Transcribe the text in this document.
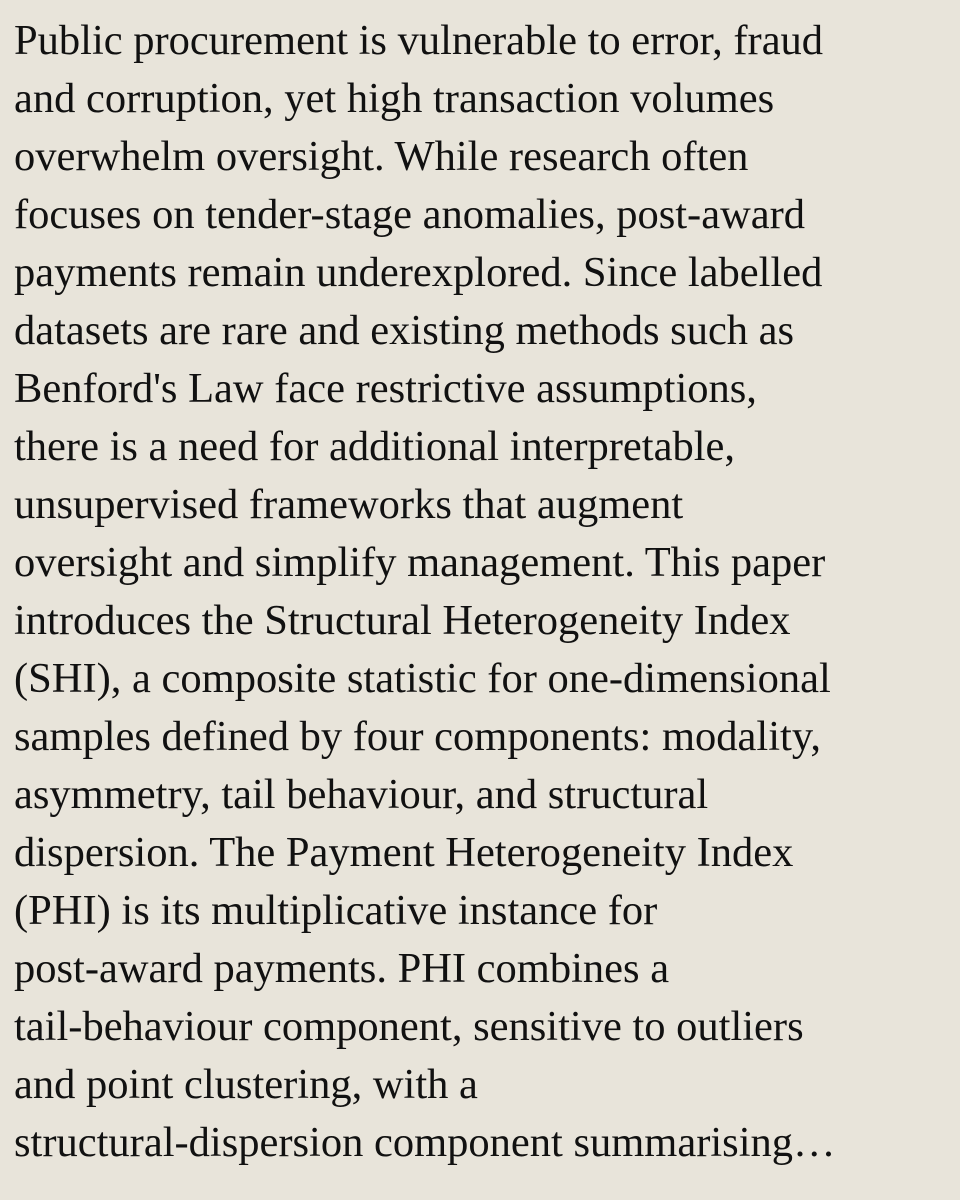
Public procurement is vulnerable to error, fraud
and corruption, yet high transaction volumes
overwhelm oversight. While research often
focuses on tender-stage anomalies, post-award
payments remain underexplored. Since labelled
datasets are rare and existing methods such as
Benford's Law face restrictive assumptions,
there is a need for additional interpretable,
unsupervised frameworks that augment
oversight and simplify management. This paper
introduces the Structural Heterogeneity Index
(SHI), a composite statistic for one-dimensional
samples defined by four components: modality,
asymmetry, tail behaviour, and structural
dispersion. The Payment Heterogeneity Index
(PHI) is its multiplicative instance for
post-award payments. PHI combines a
tail-behaviour component, sensitive to outliers
and point clustering, with a
structural-dispersion component summarising…
